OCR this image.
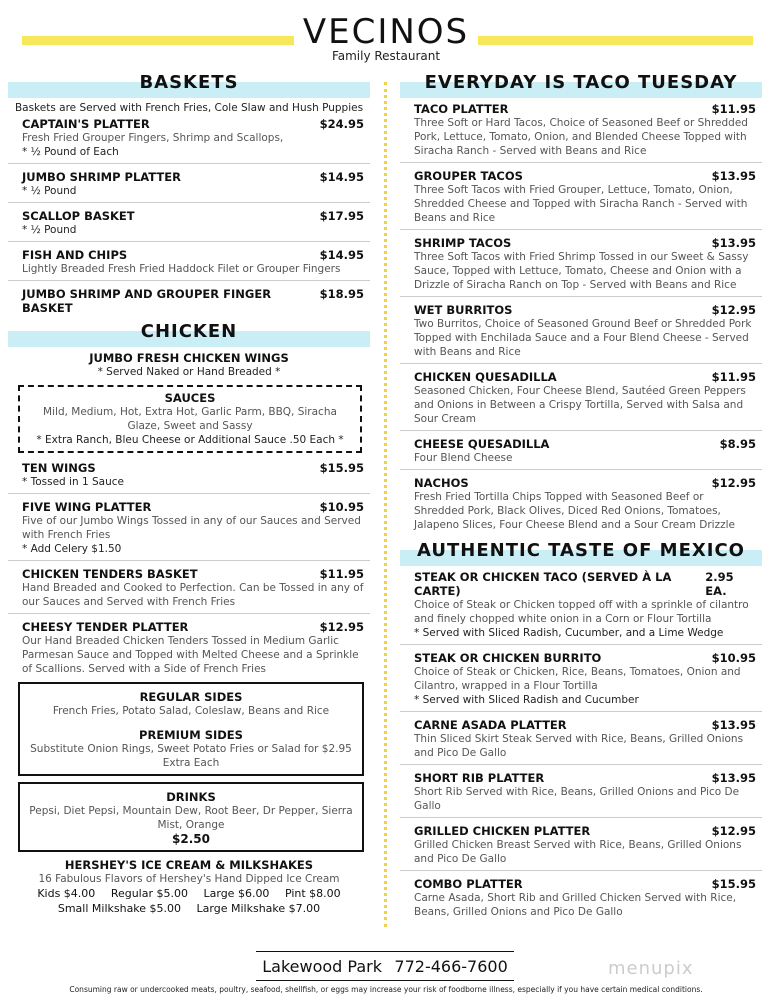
VECINOS
Family Restaurant
BASKETS
Baskets are Served with French Fries, Cole Slaw and Hush Puppies
CAPTAIN'S PLATTER	$24.95
Fresh Fried Grouper Fingers, Shrimp and Scallops,
* ½ Pound of Each
JUMBO SHRIMP PLATTER	$14.95
* ½ Pound
SCALLOP BASKET	$17.95
* ½ Pound
FISH AND CHIPS	$14.95
Lightly Breaded Fresh Fried Haddock Filet or Grouper Fingers
JUMBO SHRIMP AND GROUPER FINGER BASKET
$18.95
CHICKEN
JUMBO FRESH CHICKEN WINGS
* Served Naked or Hand Breaded *
SAUCES
Mild, Medium, Hot, Extra Hot, Garlic Parm, BBQ, Siracha Glaze, Sweet and Sassy
* Extra Ranch, Bleu Cheese or Additional Sauce .50 Each *
TEN WINGS	$15.95
* Tossed in 1 Sauce
FIVE WING PLATTER	$10.95
Five of our Jumbo Wings Tossed in any of our Sauces and Served with French Fries
* Add Celery $1.50
CHICKEN TENDERS BASKET	$11.95
Hand Breaded and Cooked to Perfection. Can be Tossed in any of our Sauces and Served with French Fries
CHEESY TENDER PLATTER	$12.95
Our Hand Breaded Chicken Tenders Tossed in Medium Garlic Parmesan Sauce and Topped with Melted Cheese and a Sprinkle of Scallions. Served with a Side of French Fries
REGULAR SIDES
French Fries, Potato Salad, Coleslaw, Beans and Rice
PREMIUM SIDES
Substitute Onion Rings, Sweet Potato Fries or Salad for $2.95 Extra Each
DRINKS
Pepsi, Diet Pepsi, Mountain Dew, Root Beer, Dr Pepper, Sierra Mist, Orange
$2.50
HERSHEY'S ICE CREAM & MILKSHAKES
16 Fabulous Flavors of Hershey's Hand Dipped Ice Cream
Kids $4.00 Regular $5.00 Large $6.00 Pint $8.00
Small Milkshake $5.00 Large Milkshake $7.00
EVERYDAY IS TACO TUESDAY
TACO PLATTER	$11.95
Three Soft or Hard Tacos, Choice of Seasoned Beef or Shredded Pork, Lettuce, Tomato, Onion, and Blended Cheese Topped with Siracha Ranch - Served with Beans and Rice
GROUPER TACOS	$13.95
Three Soft Tacos with Fried Grouper, Lettuce, Tomato, Onion, Shredded Cheese and Topped with Siracha Ranch - Served with Beans and Rice
SHRIMP TACOS	$13.95
Three Soft Tacos with Fried Shrimp Tossed in our Sweet & Sassy Sauce, Topped with Lettuce, Tomato, Cheese and Onion with a Drizzle of Siracha Ranch on Top - Served with Beans and Rice
WET BURRITOS	$12.95
Two Burritos, Choice of Seasoned Ground Beef or Shredded Pork Topped with Enchilada Sauce and a Four Blend Cheese - Served with Beans and Rice
CHICKEN QUESADILLA	$11.95
Seasoned Chicken, Four Cheese Blend, Sautéed Green Peppers and Onions in Between a Crispy Tortilla, Served with Salsa and Sour Cream
CHEESE QUESADILLA	$8.95
Four Blend Cheese
NACHOS	$12.95
Fresh Fried Tortilla Chips Topped with Seasoned Beef or Shredded Pork, Black Olives, Diced Red Onions, Tomatoes, Jalapeno Slices, Four Cheese Blend and a Sour Cream Drizzle
AUTHENTIC TASTE OF MEXICO
STEAK OR CHICKEN TACO (SERVED À LA CARTE)
2.95 EA.
Choice of Steak or Chicken topped off with a sprinkle of cilantro and finely chopped white onion in a Corn or Flour Tortilla
* Served with Sliced Radish, Cucumber, and a Lime Wedge
STEAK OR CHICKEN BURRITO	$10.95
Choice of Steak or Chicken, Rice, Beans, Tomatoes, Onion and Cilantro, wrapped in a Flour Tortilla
* Served with Sliced Radish and Cucumber
CARNE ASADA PLATTER	$13.95
Thin Sliced Skirt Steak Served with Rice, Beans, Grilled Onions and Pico De Gallo
SHORT RIB PLATTER	$13.95
Short Rib Served with Rice, Beans, Grilled Onions and Pico De Gallo
GRILLED CHICKEN PLATTER	$12.95
Grilled Chicken Breast Served with Rice, Beans, Grilled Onions and Pico De Gallo
COMBO PLATTER	$15.95
Carne Asada, Short Rib and Grilled Chicken Served with Rice, Beans, Grilled Onions and Pico De Gallo
Lakewood Park 772-466-7600	menupix
Consuming raw or undercooked meats, poultry, seafood, shellfish, or eggs may increase your risk of foodborne illness, especially if you have certain medical conditions.
